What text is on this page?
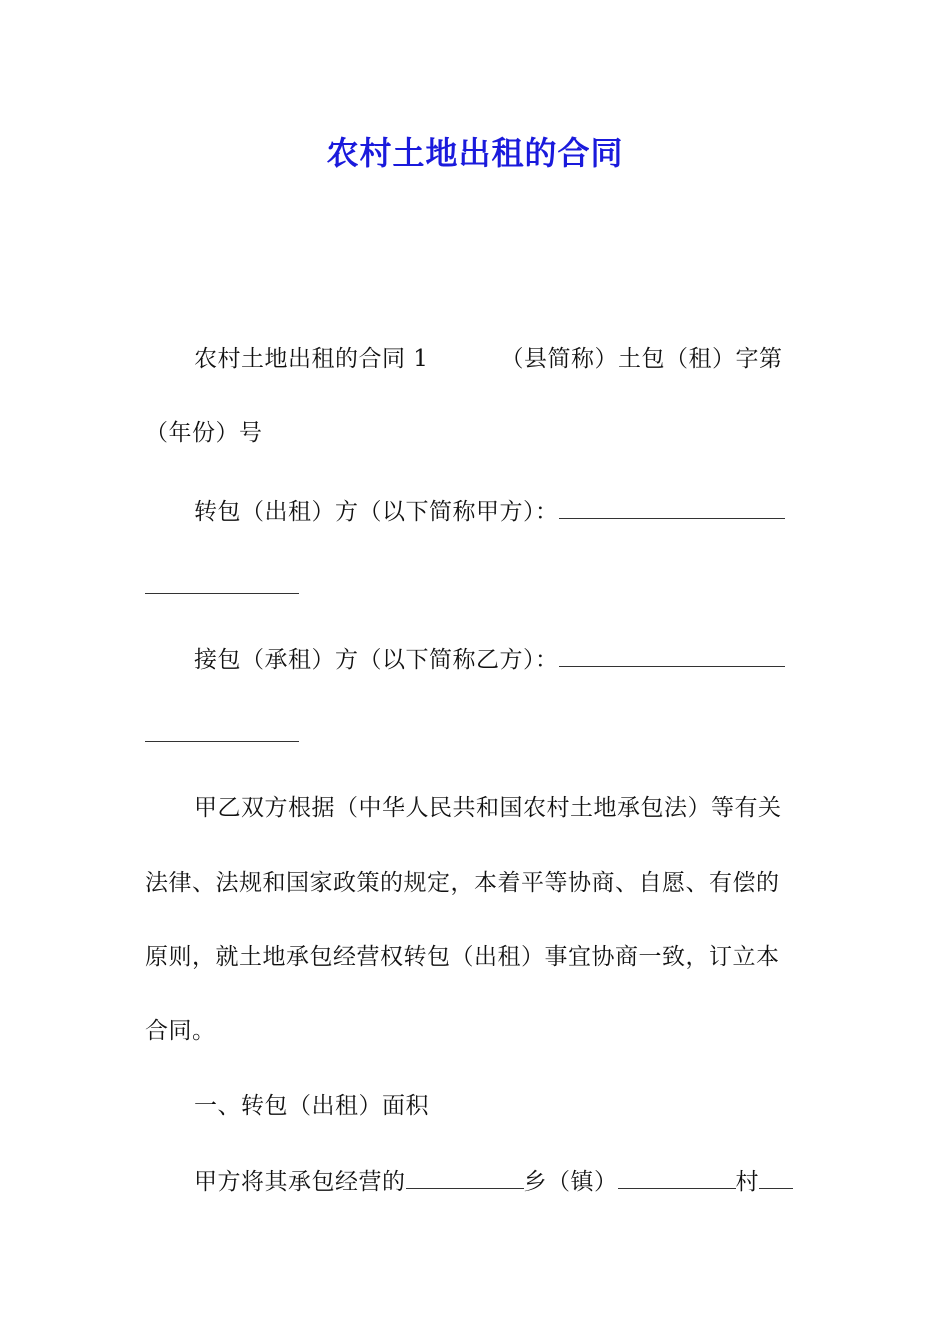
农村土地出租的合同
农村土地出租的合同 1	（县简称）土包（租）字第
（年份）号
转包（出租）方（以下简称甲方）：
接包（承租）方（以下简称乙方）：
甲乙双方根据（中华人民共和国农村土地承包法）等有关
法律、法规和国家政策的规定，本着平等协商、自愿、有偿的
原则，就土地承包经营权转包（出租）事宜协商一致，订立本
合同。
一、转包（出租）面积
甲方将其承包经营的	乡（镇）	村
